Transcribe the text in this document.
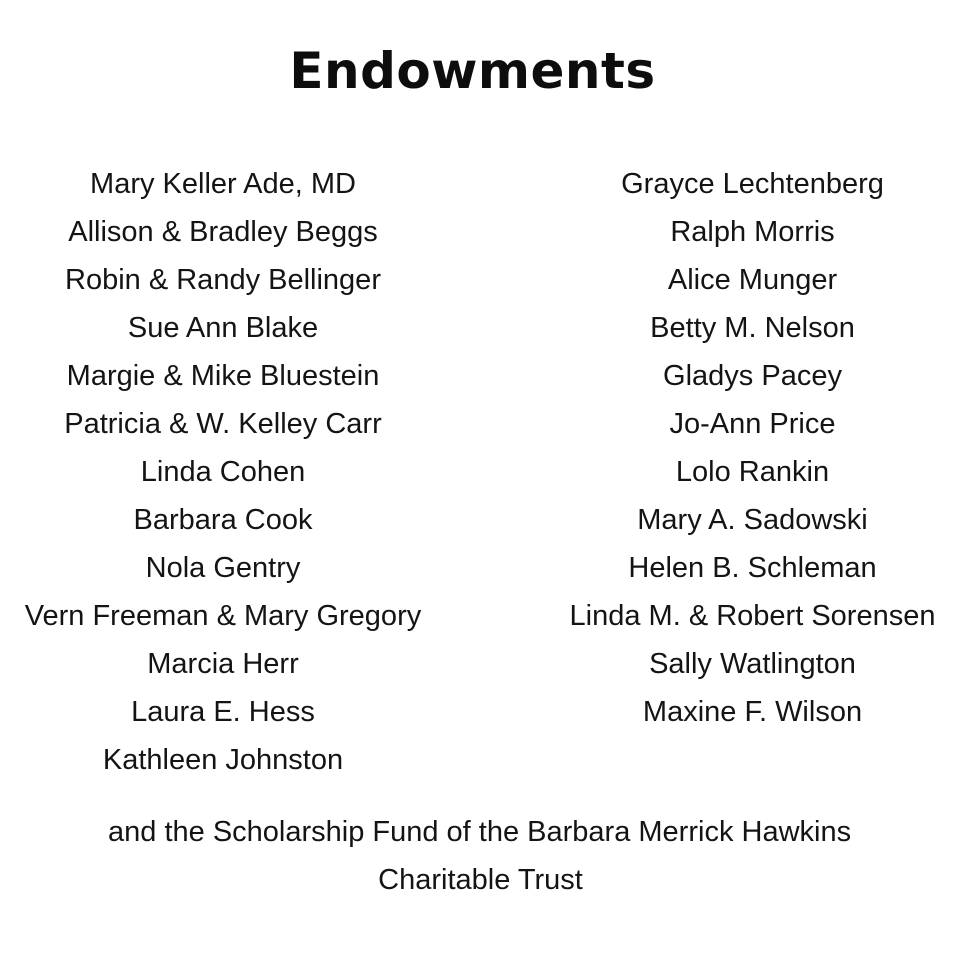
Endowments
Mary Keller Ade, MD
Allison & Bradley Beggs
Robin & Randy Bellinger
Sue Ann Blake
Margie & Mike Bluestein
Patricia & W. Kelley Carr
Linda Cohen
Barbara Cook
Nola Gentry
Vern Freeman & Mary Gregory
Marcia Herr
Laura E. Hess
Kathleen Johnston
Grayce Lechtenberg
Ralph Morris
Alice Munger
Betty M. Nelson
Gladys Pacey
Jo-Ann Price
Lolo Rankin
Mary A. Sadowski
Helen B. Schleman
Linda M. & Robert Sorensen
Sally Watlington
Maxine F. Wilson

and the Scholarship Fund of the Barbara Merrick Hawkins
Charitable Trust
